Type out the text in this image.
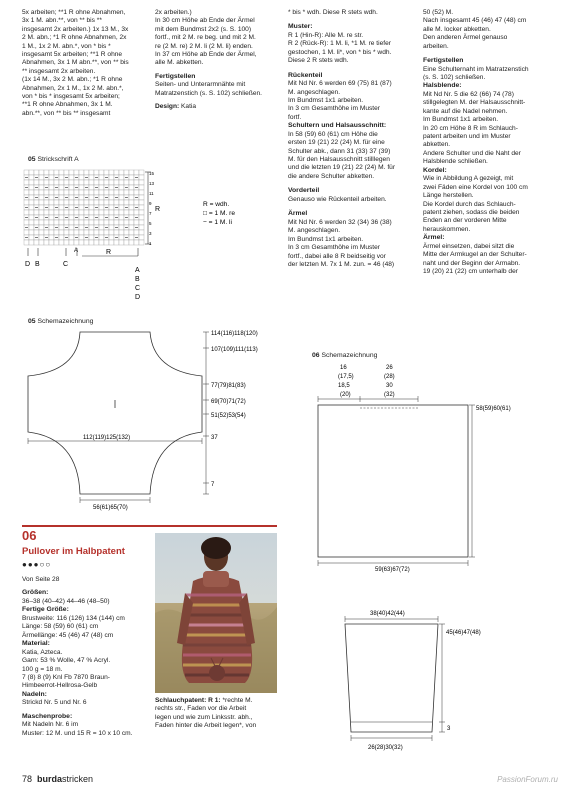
5x arbeiten; **1 R ohne Abnahmen,
3x 1 M. abn.**, von ** bis **
insgesamt 2x arbeiten.) 1x 13 M., 3x
2 M. abn.; *1 R ohne Abnahmen, 2x
1 M., 1x 2 M. abn.*, von * bis *
insgesamt 5x arbeiten; **1 R ohne
Abnahmen, 3x 1 M abn.**, von ** bis
** insgesamt 2x arbeiten.
(1x 14 M., 3x 2 M. abn.; *1 R ohne
Abnahmen, 2x 1 M., 1x 2 M. abn.*,
von * bis * insgesamt 5x arbeiten;
**1 R ohne Abnahmen, 3x 1 M.
abn.**, von ** bis ** insgesamt
2x arbeiten.)
In 30 cm Höhe ab Ende der Ärmel
mit dem Bundmst 2x2 (s. S. 100)
fortf., mit 2 M. re beg. und mit 2 M.
re (2 M. re) 2 M. li (2 M. li) enden.
In 37 cm Höhe ab Ende der Ärmel,
alle M. abketten.
Fertigstellen
Seiten- und Unterarmnähte mit
Matratzenstich (s. S. 102) schließen.
Design: Katia
* bis * wdh. Diese R stets wdh.
Muster:
R 1 (Hin-R): Alle M. re str.
R 2 (Rück-R): 1 M. li, *1 M. re tiefer
gestochen, 1 M. li*, von * bis * wdh.
Diese 2 R stets wdh.
Rückenteil
Mit Nd Nr. 6 werden 69 (75) 81 (87)
M. angeschlagen.
Im Bundmst 1x1 arbeiten.
In 3 cm Gesamthöhe im Muster
fortf.
Schultern und Halsausschnitt:
In 58 (59) 60 (61) cm Höhe die
ersten 19 (21) 22 (24) M. für eine
Schulter abk., dann 31 (33) 37 (39)
M. für den Halsausschnitt stilllegen
und die letzten 19 (21) 22 (24) M. für
die andere Schulter abketten.
Vorderteil
Genauso wie Rückenteil arbeiten.
Ärmel
Mit Nd Nr. 6 werden 32 (34) 36 (38)
M. angeschlagen.
Im Bundmst 1x1 arbeiten.
In 3 cm Gesamthöhe im Muster
fortf., dabei alle 8 R beidseitig vor
der letzten M. 7x 1 M. zun. = 46 (48)
50 (52) M.
Nach insgesamt 45 (46) 47 (48) cm
alle M. locker abketten.
Den anderen Ärmel genauso
arbeiten.
Fertigstellen
Eine Schulternaht im Matratzenstich
(s. S. 102) schließen.
Halsblende:
Mit Nd Nr. 5 die 62 (66) 74 (78)
stillgelegten M. der Halsausschnitt-
kante auf die Nadel nehmen.
Im Bundmst 1x1 arbeiten.
In 20 cm Höhe 8 R im Schlauch-
patent arbeiten und im Muster
abketten.
Andere Schulter und die Naht der
Halsblende schließen.
Kordel:
Wie in Abbildung A gezeigt, mit
zwei Fäden eine Kordel von 100 cm
Länge herstellen.
Die Kordel durch das Schlauch-
patent ziehen, sodass die beiden
Enden an der vorderen Mitte
herauskommen.
Ärmel:
Ärmel einsetzen, dabei sitzt die
Mitte der Armkugel an der Schulter-
naht und der Beginn der Armabn.
19 (20) 21 (22) cm unterhalb der
05 Strickschrift A
15
13
11
9
7
5
3
1
R
D B	C
A	R
A
B
C
D
R = wdh.
□ = 1 M. re
− = 1 M. li
05 Schemazeichnung
114(116)118(120)
107(109)111(113)
77(79)81(83)
69(70)71(72)
51(52)53(54)
37
7
112(119)125(132)
56(61)65(70)
06 Schemazeichnung
16
(17,5)
18,5
(20)
26
(28)
30
(32)
58(59)60(61)
59(63)67(72)
38(40)42(44)
45(46)47(48)
3
26(28)30(32)
06
Pullover im Halbpatent
●●●○○
Von Seite 28
Größen:
36–38 (40–42) 44–46 (48–50)
Fertige Größe:
Brustweite: 116 (126) 134 (144) cm
Länge: 58 (59) 60 (61) cm
Ärmellänge: 45 (46) 47 (48) cm
Material:
Katia, Azteca.
Garn: 53 % Wolle, 47 % Acryl.
100 g = 18 m.
7 (8) 8 (9) Knl Fb 7870 Braun-
Himbeerrot-Hellrosa-Gelb
Nadeln:
Strickd Nr. 5 und Nr. 6
Maschenprobe:
Mit Nadeln Nr. 6 im
Muster: 12 M. und 15 R = 10 x 10 cm.
Schlauchpatent: R 1: *rechte M.
rechts str., Faden vor die Arbeit
legen und wie zum Linksstr. abh.,
Faden hinter die Arbeit legen*, von
78 burdastricken	PassionForum.ru
